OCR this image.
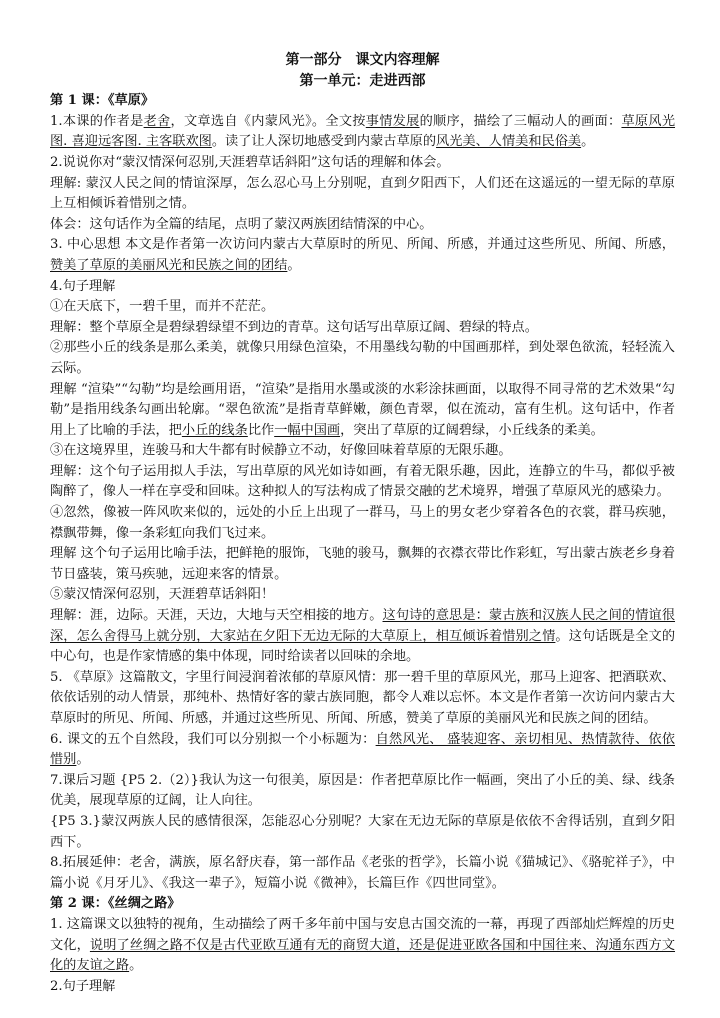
第一部分　课文内容理解
第一单元：走进西部
第 1 课：《草原》
1.本课的作者是老舍，文章选自《内蒙风光》。全文按事情发展的顺序，描绘了三幅动人的画面：草原风光图. 喜迎远客图. 主客联欢图。读了让人深切地感受到内蒙古草原的风光美、人情美和民俗美。
2.说说你对“蒙汉情深何忍别,天涯碧草话斜阳”这句话的理解和体会。
理解: 蒙汉人民之间的情谊深厚，怎么忍心马上分别呢，直到夕阳西下，人们还在这遥远的一望无际的草原上互相倾诉着惜别之情。
体会：这句话作为全篇的结尾，点明了蒙汉两族团结情深的中心。
3. 中心思想 本文是作者第一次访问内蒙古大草原时的所见、所闻、所感，并通过这些所见、所闻、所感，赞美了草原的美丽风光和民族之间的团结。
4.句子理解
①在天底下，一碧千里，而并不茫茫。
理解：整个草原全是碧绿碧绿望不到边的青草。这句话写出草原辽阔、碧绿的特点。
②那些小丘的线条是那么柔美，就像只用绿色渲染，不用墨线勾勒的中国画那样，到处翠色欲流，轻轻流入云际。
理解 “渲染”“勾勒”均是绘画用语，“渲染”是指用水墨或淡的水彩涂抹画面，以取得不同寻常的艺术效果“勾勒”是指用线条勾画出轮廓。“翠色欲流”是指青草鲜嫩，颜色青翠，似在流动，富有生机。这句话中，作者用上了比喻的手法，把小丘的线条比作一幅中国画，突出了草原的辽阔碧绿，小丘线条的柔美。
③在这境界里，连骏马和大牛都有时候静立不动，好像回味着草原的无限乐趣。
理解：这个句子运用拟人手法，写出草原的风光如诗如画，有着无限乐趣，因此，连静立的牛马，都似乎被陶醉了，像人一样在享受和回味。这种拟人的写法构成了情景交融的艺术境界，增强了草原风光的感染力。
④忽然，像被一阵风吹来似的，远处的小丘上出现了一群马，马上的男女老少穿着各色的衣裳，群马疾驰，襟飘带舞，像一条彩虹向我们飞过来。
理解 这个句子运用比喻手法，把鲜艳的服饰，飞驰的骏马，飘舞的衣襟衣带比作彩虹，写出蒙古族老乡身着节日盛装，策马疾驰，远迎来客的情景。
⑤蒙汉情深何忍别，天涯碧草话斜阳！
理解：涯，边际。天涯，天边，大地与天空相接的地方。这句诗的意思是：蒙古族和汉族人民之间的情谊很深，怎么舍得马上就分别，大家站在夕阳下无边无际的大草原上，相互倾诉着惜别之情。这句话既是全文的中心句，也是作家情感的集中体现，同时给读者以回味的余地。
5. 《草原》这篇散文，字里行间浸润着浓郁的草原风情：那一碧千里的草原风光，那马上迎客、把酒联欢、依依话别的动人情景，那纯朴、热情好客的蒙古族同胞，都令人难以忘怀。本文是作者第一次访问内蒙古大草原时的所见、所闻、所感，并通过这些所见、所闻、所感，赞美了草原的美丽风光和民族之间的团结。
6. 课文的五个自然段，我们可以分别拟一个小标题为：自然风光、 盛装迎客、亲切相见、热情款待、依依惜别。
7.课后习题 {P5 2.（2）}我认为这一句很美，原因是：作者把草原比作一幅画，突出了小丘的美、绿、线条优美，展现草原的辽阔，让人向往。
{P5 3.}蒙汉两族人民的感情很深，怎能忍心分别呢？大家在无边无际的草原是依依不舍得话别，直到夕阳西下。
8.拓展延伸：老舍，满族，原名舒庆春，第一部作品《老张的哲学》，长篇小说《猫城记》、《骆驼祥子》，中篇小说《月牙儿》、《我这一辈子》，短篇小说《微神》，长篇巨作《四世同堂》。
第 2 课：《丝绸之路》
1. 这篇课文以独特的视角，生动描绘了两千多年前中国与安息古国交流的一幕，再现了西部灿烂辉煌的历史文化，说明了丝绸之路不仅是古代亚欧互通有无的商贸大道，还是促进亚欧各国和中国往来、沟通东西方文化的友谊之路。
2.句子理解
